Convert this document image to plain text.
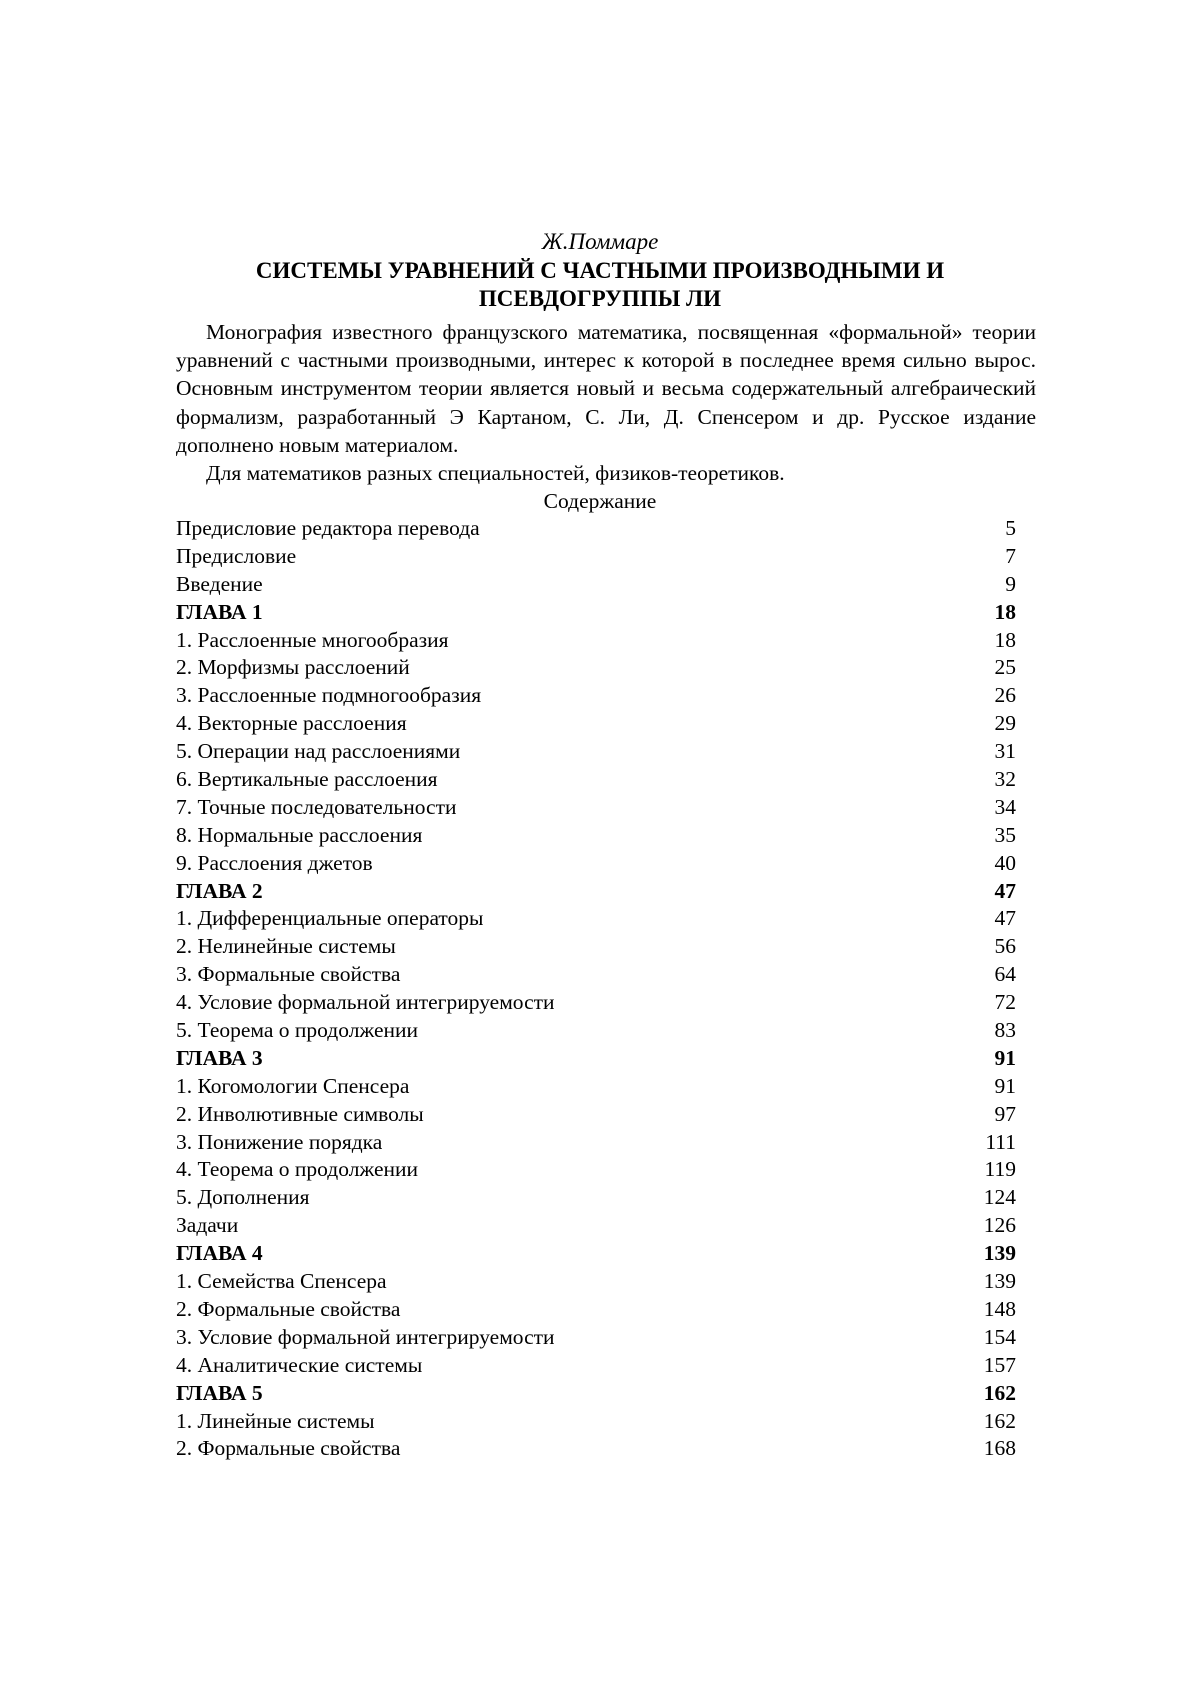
Ж.Поммаре
СИСТЕМЫ УРАВНЕНИЙ С ЧАСТНЫМИ ПРОИЗВОДНЫМИ И ПСЕВДОГРУППЫ ЛИ

Монография известного французского математика, посвященная «формальной» теории уравнений с частными производными, интерес к которой в последнее время сильно вырос. Основным инструментом теории является новый и весьма содержательный алгебраический формализм, разработанный Э Картаном, С. Ли, Д. Спенсером и др. Русское издание дополнено новым материалом.

Для математиков разных специальностей, физиков-теоретиков.
Содержание
Предисловие редактора перевода	5
Предисловие	7
Введение	9
ГЛАВА 1	18
1. Расслоенные многообразия	18
2. Морфизмы расслоений	25
3. Расслоенные подмногообразия	26
4. Векторные расслоения	29
5. Операции над расслоениями	31
6. Вертикальные расслоения	32
7. Точные последовательности	34
8. Нормальные расслоения	35
9. Расслоения джетов	40
ГЛАВА 2	47
1. Дифференциальные операторы	47
2. Нелинейные системы	56
3. Формальные свойства	64
4. Условие формальной интегрируемости	72
5. Теорема о продолжении	83
ГЛАВА 3	91
1. Когомологии Спенсера	91
2. Инволютивные символы	97
3. Понижение порядка	111
4. Теорема о продолжении	119
5. Дополнения	124
Задачи	126
ГЛАВА 4	139
1. Семейства Спенсера	139
2. Формальные свойства	148
3. Условие формальной интегрируемости	154
4. Аналитические системы	157
ГЛАВА 5	162
1. Линейные системы	162
2. Формальные свойства	168
